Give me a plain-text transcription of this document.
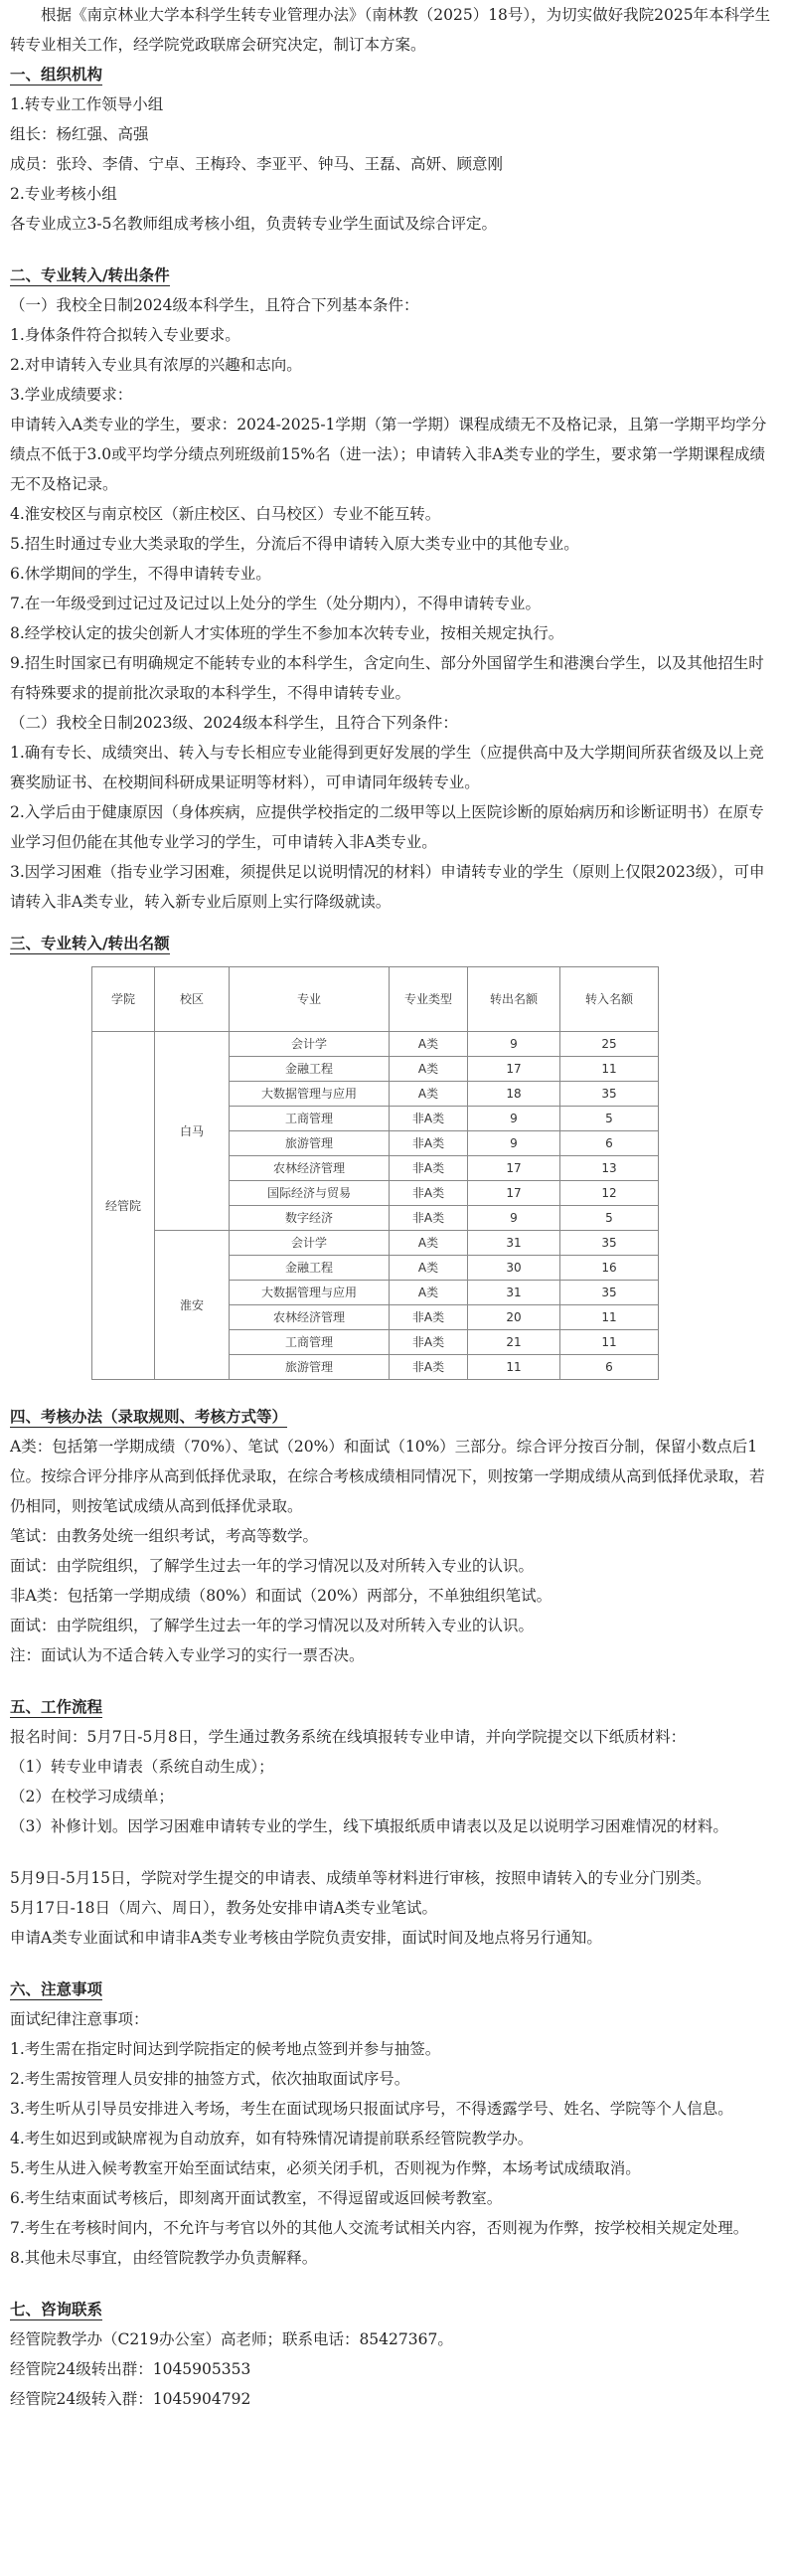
根据《南京林业大学本科学生转专业管理办法》（南林教（2025）18号），为切实做好我院2025年本科学生转专业相关工作，经学院党政联席会研究决定，制订本方案。

一、组织机构

1.转专业工作领导小组

组长：杨红强、高强

成员：张玲、李倩、宁卓、王梅玲、李亚平、钟马、王磊、高妍、顾意刚

2.专业考核小组

各专业成立3-5名教师组成考核小组，负责转专业学生面试及综合评定。

二、专业转入/转出条件

（一）我校全日制2024级本科学生，且符合下列基本条件：

1.身体条件符合拟转入专业要求。

2.对申请转入专业具有浓厚的兴趣和志向。

3.学业成绩要求：

申请转入A类专业的学生，要求：2024-2025-1学期（第一学期）课程成绩无不及格记录，且第一学期平均学分绩点不低于3.0或平均学分绩点列班级前15%名（进一法）；申请转入非A类专业的学生，要求第一学期课程成绩无不及格记录。

4.淮安校区与南京校区（新庄校区、白马校区）专业不能互转。

5.招生时通过专业大类录取的学生，分流后不得申请转入原大类专业中的其他专业。

6.休学期间的学生，不得申请转专业。

7.在一年级受到过记过及记过以上处分的学生（处分期内），不得申请转专业。

8.经学校认定的拔尖创新人才实体班的学生不参加本次转专业，按相关规定执行。

9.招生时国家已有明确规定不能转专业的本科学生，含定向生、部分外国留学生和港澳台学生，以及其他招生时有特殊要求的提前批次录取的本科学生，不得申请转专业。

（二）我校全日制2023级、2024级本科学生，且符合下列条件：

1.确有专长、成绩突出、转入与专长相应专业能得到更好发展的学生（应提供高中及大学期间所获省级及以上竞赛奖励证书、在校期间科研成果证明等材料），可申请同年级转专业。

2.入学后由于健康原因（身体疾病，应提供学校指定的二级甲等以上医院诊断的原始病历和诊断证明书）在原专业学习但仍能在其他专业学习的学生，可申请转入非A类专业。

3.因学习困难（指专业学习困难，须提供足以说明情况的材料）申请转专业的学生（原则上仅限2023级），可申请转入非A类专业，转入新专业后原则上实行降级就读。

三、专业转入/转出名额

学院	校区	专业	专业类型	转出名额	转入名额
经管院	白马	会计学	A类	9	25
		金融工程	A类	17	11
		大数据管理与应用	A类	18	35
		工商管理	非A类	9	5
		旅游管理	非A类	9	6
		农林经济管理	非A类	17	13
		国际经济与贸易	非A类	17	12
		数字经济	非A类	9	5
	淮安	会计学	A类	31	35
		金融工程	A类	30	16
		大数据管理与应用	A类	31	35
		农林经济管理	非A类	20	11
		工商管理	非A类	21	11
		旅游管理	非A类	11	6

四、考核办法（录取规则、考核方式等）

A类：包括第一学期成绩（70%）、笔试（20%）和面试（10%）三部分。综合评分按百分制，保留小数点后1位。按综合评分排序从高到低择优录取，在综合考核成绩相同情况下，则按第一学期成绩从高到低择优录取，若仍相同，则按笔试成绩从高到低择优录取。

笔试：由教务处统一组织考试，考高等数学。

面试：由学院组织，了解学生过去一年的学习情况以及对所转入专业的认识。

非A类：包括第一学期成绩（80%）和面试（20%）两部分，不单独组织笔试。

面试：由学院组织，了解学生过去一年的学习情况以及对所转入专业的认识。

注：面试认为不适合转入专业学习的实行一票否决。

五、工作流程

报名时间：5月7日-5月8日，学生通过教务系统在线填报转专业申请，并向学院提交以下纸质材料：

（1）转专业申请表（系统自动生成）；

（2）在校学习成绩单；

（3）补修计划。因学习困难申请转专业的学生，线下填报纸质申请表以及足以说明学习困难情况的材料。

5月9日-5月15日，学院对学生提交的申请表、成绩单等材料进行审核，按照申请转入的专业分门别类。

5月17日-18日（周六、周日），教务处安排申请A类专业笔试。

申请A类专业面试和申请非A类专业考核由学院负责安排，面试时间及地点将另行通知。

六、注意事项

面试纪律注意事项：

1.考生需在指定时间达到学院指定的候考地点签到并参与抽签。

2.考生需按管理人员安排的抽签方式，依次抽取面试序号。

3.考生听从引导员安排进入考场，考生在面试现场只报面试序号，不得透露学号、姓名、学院等个人信息。

4.考生如迟到或缺席视为自动放弃，如有特殊情况请提前联系经管院教学办。

5.考生从进入候考教室开始至面试结束，必须关闭手机，否则视为作弊，本场考试成绩取消。

6.考生结束面试考核后，即刻离开面试教室，不得逗留或返回候考教室。

7.考生在考核时间内，不允许与考官以外的其他人交流考试相关内容，否则视为作弊，按学校相关规定处理。

8.其他未尽事宜，由经管院教学办负责解释。

七、咨询联系

经管院教学办（C219办公室）高老师；联系电话：85427367。

经管院24级转出群：1045905353

经管院24级转入群：1045904792
